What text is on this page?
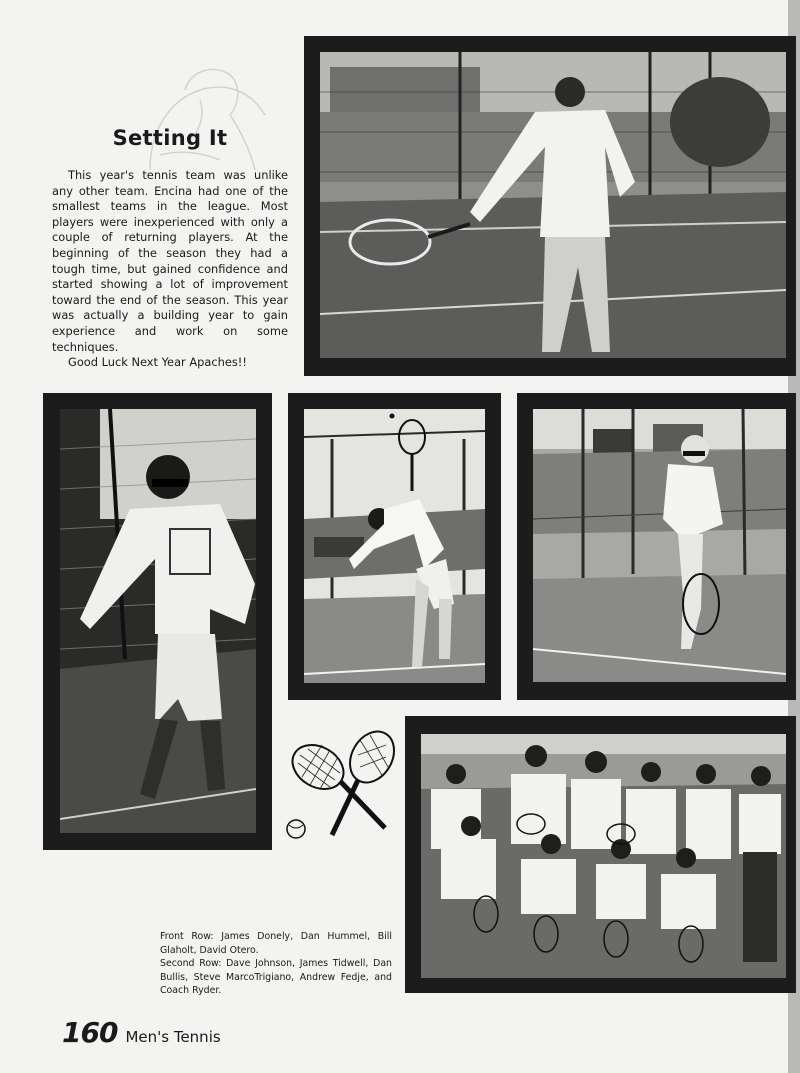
Setting It

This year's tennis team was unlike any other team. Encina had one of the smallest teams in the league. Most players were inexperienced with only a couple of returning players. At the beginning of the season they had a tough time, but gained confidence and started showing a lot of improvement toward the end of the season. This year was actually a building year to gain experience and work on some techniques.

Good Luck Next Year Apaches!!

Front Row: James Donely, Dan Hummel, Bill Glaholt, David Otero.
Second Row: Dave Johnson, James Tidwell, Dan Bullis, Steve MarcoTrigiano, Andrew Fedje, and Coach Ryder.
160 Men's Tennis
